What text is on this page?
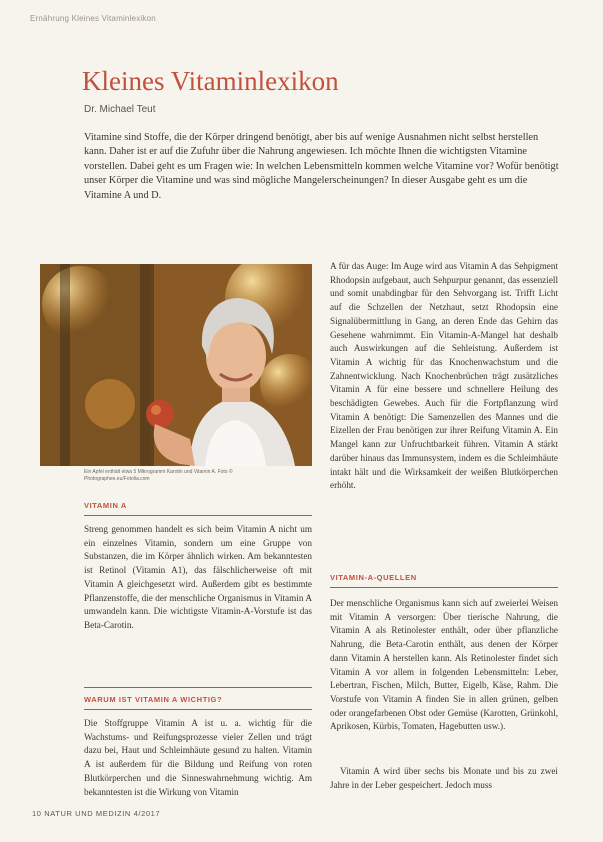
Ernährung Kleines Vitaminlexikon
Kleines Vitaminlexikon
Dr. Michael Teut

Vitamine sind Stoffe, die der Körper dringend benötigt, aber bis auf wenige Ausnahmen nicht selbst herstellen kann. Daher ist er auf die Zufuhr über die Nahrung angewiesen. Ich möchte Ihnen die wichtigsten Vitamine vorstellen. Dabei geht es um Fragen wie: In welchen Lebensmitteln kommen welche Vitamine vor? Wofür benötigt unser Körper die Vitamine und was sind mögliche Mangelerscheinungen? In dieser Ausgabe geht es um die Vitamine A und D.

Ein Apfel enthält etwa 5 Mikrogramm Karotin und Vitamin A. Foto © Photographee.eu/Fotolia.com
VITAMIN A

Streng genommen handelt es sich beim Vitamin A nicht um ein einzelnes Vitamin, sondern um eine Gruppe von Substanzen, die im Körper ähnlich wirken. Am bekanntesten ist Retinol (Vitamin A1), das fälschlicherweise oft mit Vitamin A gleichgesetzt wird. Außerdem gibt es bestimmte Pflanzenstoffe, die der menschliche Organismus in Vitamin A umwandeln kann. Die wichtigste Vitamin-A-Vorstufe ist das Beta-Carotin.

WARUM IST VITAMIN A WICHTIG?

Die Stoffgruppe Vitamin A ist u. a. wichtig für die Wachstums- und Reifungsprozesse vieler Zellen und trägt dazu bei, Haut und Schleimhäute gesund zu halten. Vitamin A ist außerdem für die Bildung und Reifung von roten Blutkörperchen und die Sinneswahrnehmung wichtig. Am bekanntesten ist die Wirkung von Vitamin

A für das Auge: Im Auge wird aus Vitamin A das Sehpigment Rhodopsin aufgebaut, auch Sehpurpur genannt, das essenziell und somit unabdingbar für den Sehvorgang ist. Trifft Licht auf die Schzellen der Netzhaut, setzt Rhodopsin eine Signalübermittlung in Gang, an deren Ende das Gehirn das Gesehene wahrnimmt. Ein Vitamin-A-Mangel hat deshalb auch Auswirkungen auf die Sehleistung. Außerdem ist Vitamin A wichtig für das Knochenwachstum und die Zahnentwicklung. Nach Knochenbrüchen trägt zusätzliches Vitamin A für eine bessere und schnellere Heilung des beschädigten Gewebes. Auch für die Fortpflanzung wird Vitamin A benötigt: Die Samenzellen des Mannes und die Eizellen der Frau benötigen zur ihrer Reifung Vitamin A. Ein Mangel kann zur Unfruchtbarkeit führen. Vitamin A stärkt darüber hinaus das Immunsystem, indem es die Schleimhäute intakt hält und die Wirksamkeit der weißen Blutkörperchen erhöht.

VITAMIN-A-QUELLEN

Der menschliche Organismus kann sich auf zweierlei Weisen mit Vitamin A versorgen: Über tierische Nahrung, die Vitamin A als Retinolester enthält, oder über pflanzliche Nahrung, die Beta-Carotin enthält, aus denen der Körper dann Vitamin A herstellen kann. Als Retinolester findet sich Vitamin A vor allem in folgenden Lebensmitteln: Leber, Lebertran, Fischen, Milch, Butter, Eigelb, Käse, Rahm. Die Vorstufe von Vitamin A finden Sie in allen grünen, gelben oder orangefarbenen Obst oder Gemüse (Karotten, Grünkohl, Aprikosen, Kürbis, Tomaten, Hagebutten usw.).

Vitamin A wird über sechs bis Monate und bis zu zwei Jahre in der Leber gespeichert. Jedoch muss

10 NATUR UND MEDIZIN 4/2017
